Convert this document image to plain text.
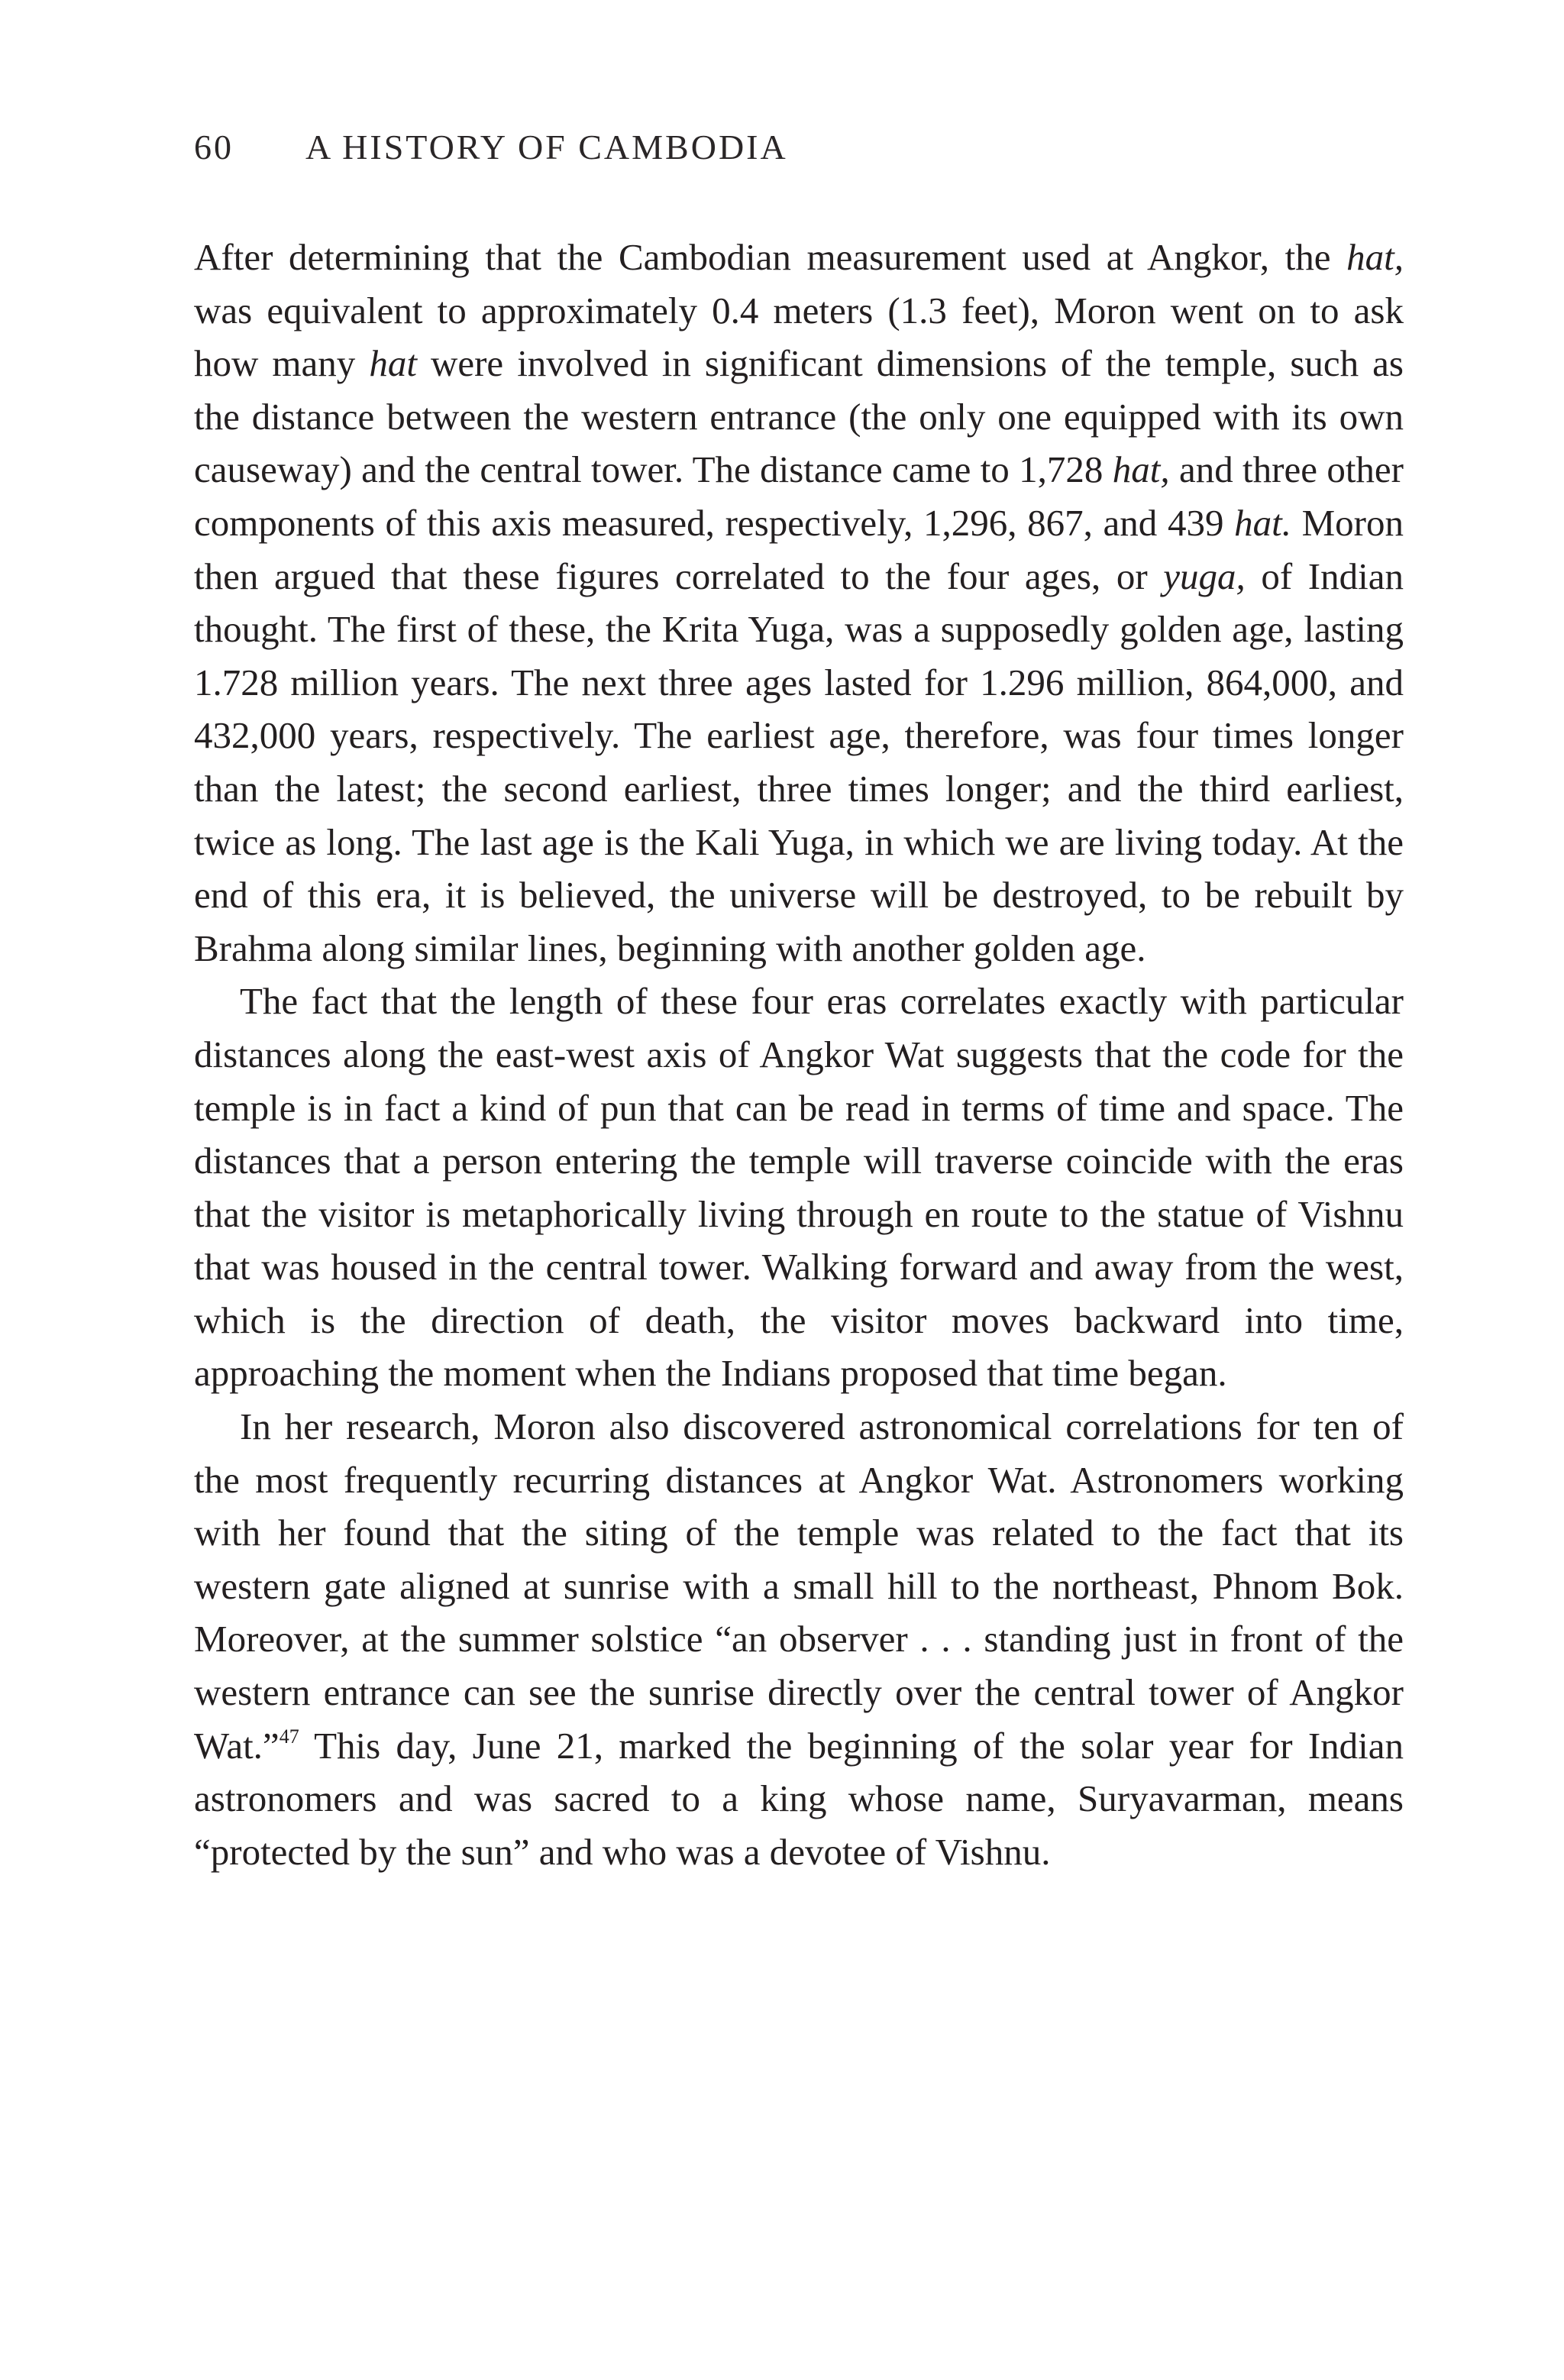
60 A HISTORY OF CAMBODIA

After determining that the Cambodian measurement used at Angkor, the hat, was equivalent to approximately 0.4 meters (1.3 feet), Moron went on to ask how many hat were involved in significant dimensions of the temple, such as the distance between the western entrance (the only one equipped with its own causeway) and the central tower. The distance came to 1,728 hat, and three other components of this axis measured, respectively, 1,296, 867, and 439 hat. Moron then argued that these figures correlated to the four ages, or yuga, of Indian thought. The first of these, the Krita Yuga, was a supposedly golden age, lasting 1.728 million years. The next three ages lasted for 1.296 million, 864,000, and 432,000 years, respectively. The earliest age, therefore, was four times longer than the latest; the second earliest, three times longer; and the third earliest, twice as long. The last age is the Kali Yuga, in which we are living today. At the end of this era, it is believed, the universe will be destroyed, to be rebuilt by Brahma along similar lines, beginning with another golden age.

The fact that the length of these four eras correlates exactly with particular distances along the east-west axis of Angkor Wat suggests that the code for the temple is in fact a kind of pun that can be read in terms of time and space. The distances that a person entering the temple will traverse coincide with the eras that the visitor is metaphorically living through en route to the statue of Vishnu that was housed in the central tower. Walking forward and away from the west, which is the direction of death, the visitor moves backward into time, approaching the moment when the Indians proposed that time began.

In her research, Moron also discovered astronomical correlations for ten of the most frequently recurring distances at Angkor Wat. Astronomers working with her found that the siting of the temple was related to the fact that its western gate aligned at sunrise with a small hill to the northeast, Phnom Bok. Moreover, at the summer solstice “an observer . . . standing just in front of the western entrance can see the sunrise directly over the central tower of Angkor Wat.”$^{47}$ This day, June 21, marked the beginning of the solar year for Indian astronomers and was sacred to a king whose name, Suryavarman, means “protected by the sun” and who was a devotee of Vishnu.
